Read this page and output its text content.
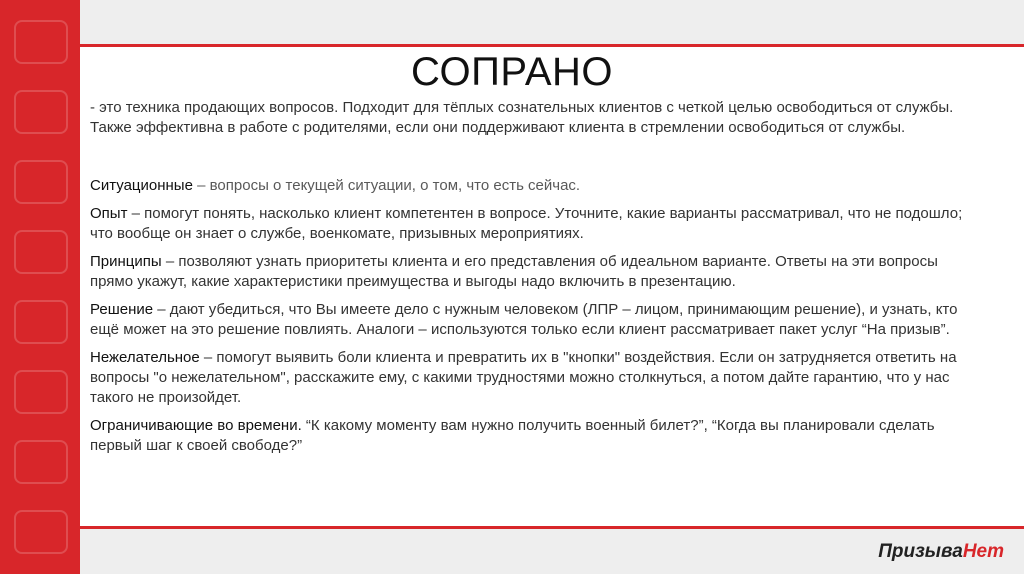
СОПРАНО

- это техника продающих вопросов. Подходит для тёплых сознательных клиентов с четкой целью освободиться от службы. Также эффективна в работе с родителями, если они поддерживают клиента в стремлении освободиться от службы.

Ситуационные – вопросы о текущей ситуации, о том, что есть сейчас.

Опыт – помогут понять, насколько клиент компетентен в вопросе. Уточните, какие варианты рассматривал, что не подошло; что вообще он знает о службе, военкомате, призывных мероприятиях.

Принципы – позволяют узнать приоритеты клиента и его представления об идеальном варианте. Ответы на эти вопросы прямо укажут, какие характеристики преимущества и выгоды надо включить в презентацию.

Решение – дают убедиться, что Вы имеете дело с нужным человеком (ЛПР – лицом, принимающим решение), и узнать, кто ещё может на это решение повлиять. Аналоги – используются только если клиент рассматривает пакет услуг “На призыв”.

Нежелательное – помогут выявить боли клиента и превратить их в "кнопки" воздействия. Если он затрудняется ответить на вопросы "о нежелательном", расскажите ему, с какими трудностями можно столкнуться, а потом дайте гарантию, что у нас такого не произойдет.

Ограничивающие во времени. “К какому моменту вам нужно получить военный билет?”, “Когда вы планировали сделать первый шаг к своей свободе?”

ПризываНет
